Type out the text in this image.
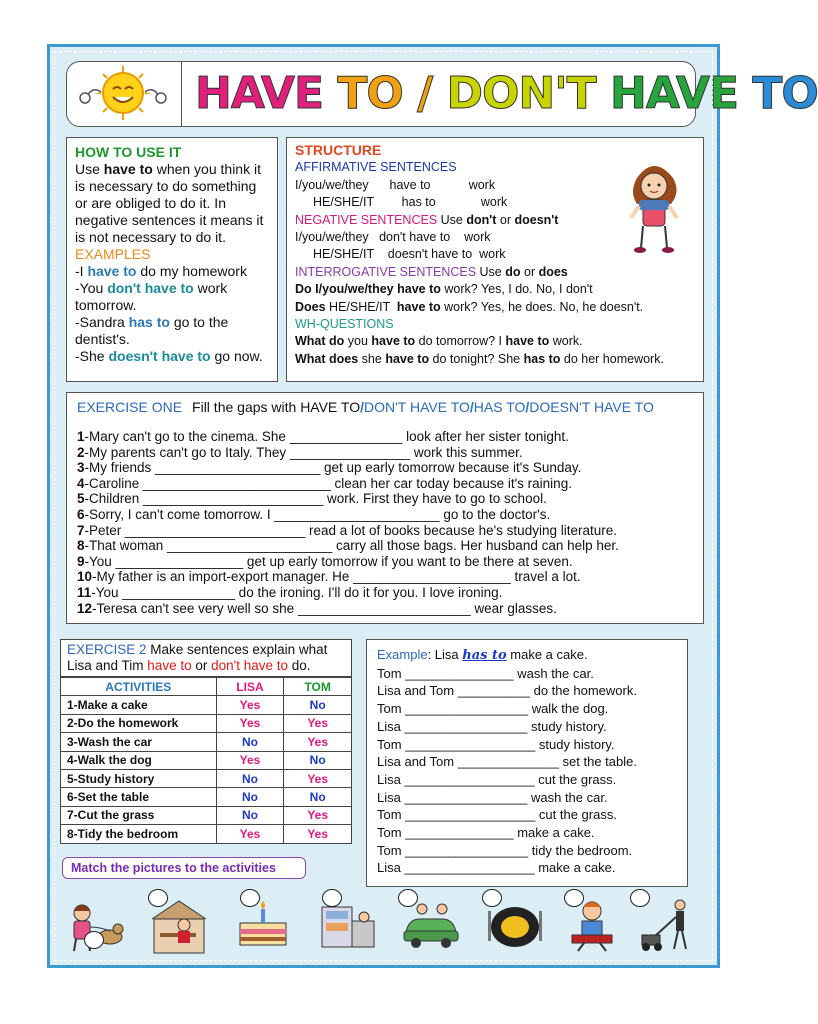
HAVE TO / DON'T HAVE TO
HOW TO USE IT
Use have to when you think it is necessary to do something or are obliged to do it. In negative sentences it means it is not necessary to do it.
EXAMPLES
-I have to do my homework
-You don't have to work tomorrow.
-Sandra has to go to the dentist's.
-She doesn't have to go now.
STRUCTURE
AFFIRMATIVE SENTENCES
I/you/we/they      have to           work
HE/SHE/IT        has to             work
NEGATIVE SENTENCES Use don't or doesn't
I/you/we/they   don't have to    work
HE/SHE/IT    doesn't have to  work
INTERROGATIVE SENTENCES Use do or does
Do I/you/we/they have to work? Yes, I do. No, I don't
Does HE/SHE/IT  have to work? Yes, he does. No, he doesn't.
WH-QUESTIONS
What do you have to do tomorrow? I have to work.
What does she have to do tonight? She has to do her homework.
EXERCISE ONE Fill the gaps with HAVE TO/DON'T HAVE TO/HAS TO/DOESN'T HAVE TO
1-Mary can't go to the cinema. She _______________ look after her sister tonight.
2-My parents can't go to Italy. They ________________ work this summer.
3-My friends ______________________ get up early tomorrow because it's Sunday.
4-Caroline _________________________ clean her car today because it's raining.
5-Children ________________________ work. First they have to go to school.
6-Sorry, I can't come tomorrow. I ______________________ go to the doctor's.
7-Peter ________________________ read a lot of books because he's studying literature.
8-That woman ______________________ carry all those bags. Her husband can help her.
9-You _________________ get up early tomorrow if you want to be there at seven.
10-My father is an import-export manager. He _____________________ travel a lot.
11-You _______________ do the ironing. I'll do it for you. I love ironing.
12-Teresa can't see very well so she _______________________ wear glasses.
EXERCISE 2 Make sentences explain what Lisa and Tim have to or don't have to do.
ACTIVITIES	LISA	TOM
1-Make a cake	Yes	No
2-Do the homework	Yes	Yes
3-Wash the car	No	Yes
4-Walk the dog	Yes	No
5-Study history	No	Yes
6-Set the table	No	No
7-Cut the grass	No	Yes
8-Tidy the bedroom	Yes	Yes
Match the pictures to the activities
Example: Lisa has to make a cake.
Tom _______________ wash the car.
Lisa and Tom __________ do the homework.
Tom _________________ walk the dog.
Lisa _________________ study history.
Tom __________________ study history.
Lisa and Tom ______________ set the table.
Lisa __________________ cut the grass.
Lisa _________________ wash the car.
Tom __________________ cut the grass.
Tom _______________ make a cake.
Tom _________________ tidy the bedroom.
Lisa __________________ make a cake.
